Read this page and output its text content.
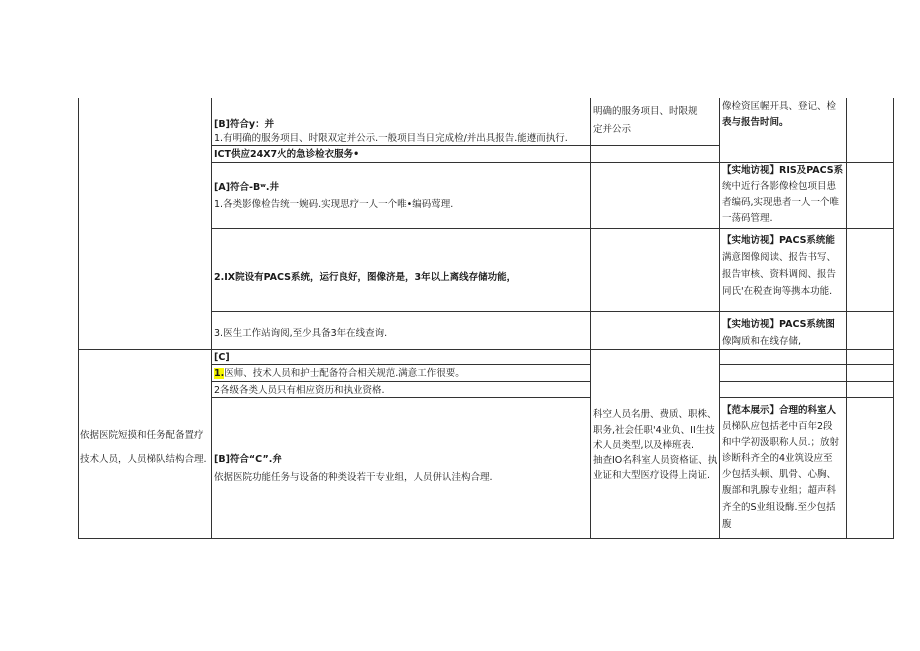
依据医院短摸和任务配备置疗
技术人员，人员梯队结构合理.
[B]符合y：并
1.有明确的服务项目、时限双定并公示.一般项目当日完成检/并出具报告.能遵而执行.
ICT供应24X7火的急诊检衣服务•
[A]符合-Bʷ.井
1.各类影像检告统一婉码.实现思疗一人一个唯•编码莺理.
2.IX院设有PACS系统，运行良好，图像济是，3年以上离线存储功能，
3.医生工作站询阅,至少具备3年在线查询.
[C]
1.医师、技术人员和护士配备符合相关规范.满意工作很要。
2各级各类人员只有相应资历和执业资格.
[B]符合“C”.弁
依据医院功能任务与设备的种类设若干专业组，人员併认洼构合理.
明确的服务项目、时限规
定并公示
科空人员名册、费质、职株、
职务,社会任职'4业负、II生技
术人员类型,以及棒班表.
抽查IO名科室人员资格证、执
业证和大型医疗设得上岗证.
像检资匡幄开具、登记、检
表与报告时间。
【实地访视】RIS及PACS系
统中近行各影像检包项目患
者编码,实现患者一人一个唯
一荡码管理.
【实地访视】PACS系统能
满意图像阅读、报告书写、
报告审核、资料调阅、报告
同氏'在税查询等携本功能.
【实地访视】PACS系统图
像陶质和在线存储,
【范本展示】合理的科室人
员梯队应包括老中百年2段
和中学初汲职称人员.；放射
诊断科齐全的4业筑设应至
少包括头顿、肌骨、心胸、
腹部和乳腺专业组；超声科
齐全的S业组设酶.至少包括
腹
